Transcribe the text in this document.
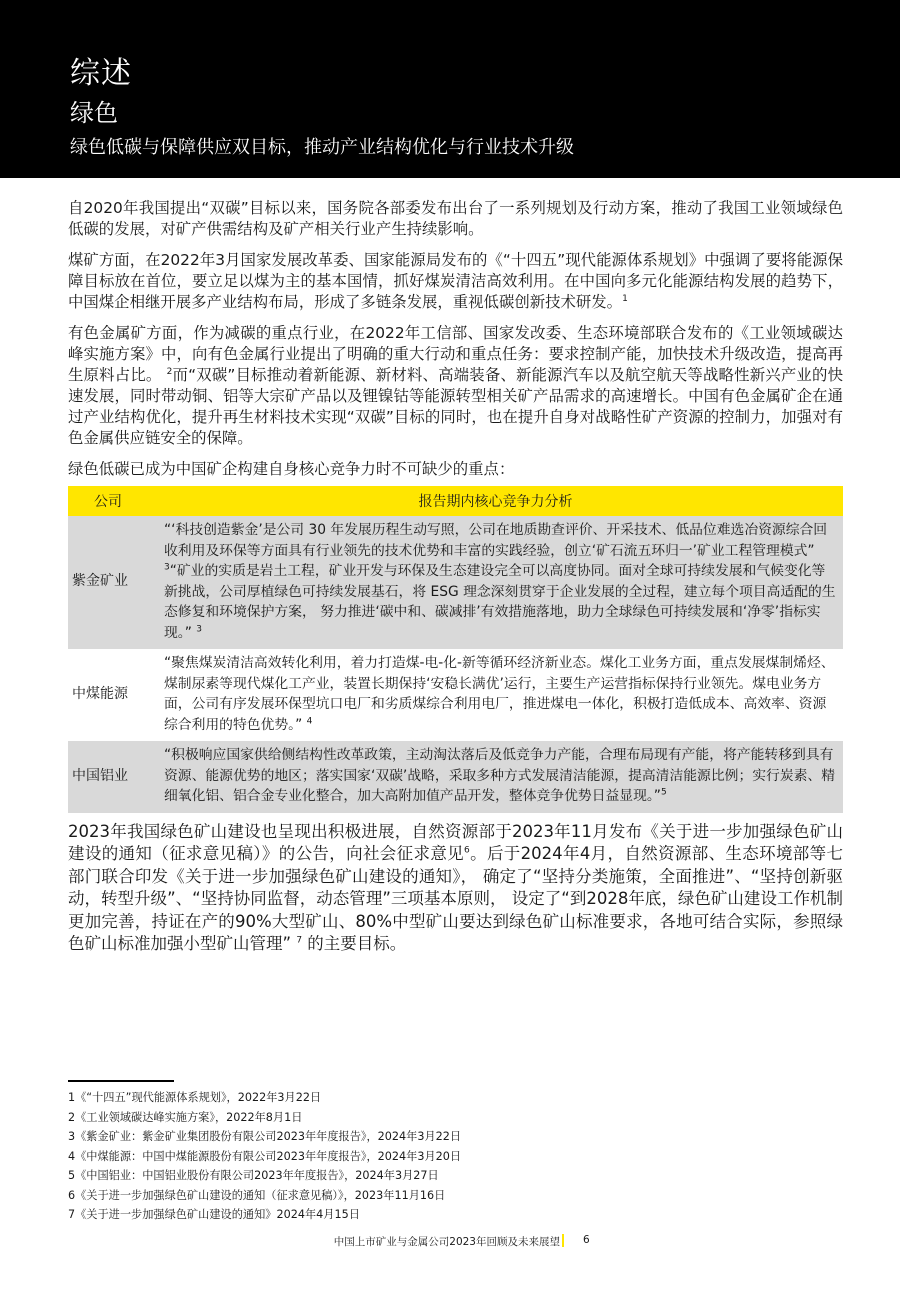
综述
绿色
绿色低碳与保障供应双目标，推动产业结构优化与行业技术升级

自2020年我国提出“双碳”目标以来，国务院各部委发布出台了一系列规划及行动方案，推动了我国工业领域绿色低碳的发展，对矿产供需结构及矿产相关行业产生持续影响。

煤矿方面，在2022年3月国家发展改革委、国家能源局发布的《“十四五”现代能源体系规划》中强调了要将能源保障目标放在首位，要立足以煤为主的基本国情，抓好煤炭清洁高效利用。在中国向多元化能源结构发展的趋势下，中国煤企相继开展多产业结构布局，形成了多链条发展，重视低碳创新技术研发。$^1$

有色金属矿方面，作为减碳的重点行业，在2022年工信部、国家发改委、生态环境部联合发布的《工业领域碳达峰实施方案》中，向有色金属行业提出了明确的重大行动和重点任务：要求控制产能，加快技术升级改造，提高再生原料占比。 $^2$而“双碳”目标推动着新能源、新材料、高端装备、新能源汽车以及航空航天等战略性新兴产业的快速发展，同时带动铜、铝等大宗矿产品以及锂镍钴等能源转型相关矿产品需求的高速增长。中国有色金属矿企在通过产业结构优化，提升再生材料技术实现“双碳”目标的同时，也在提升自身对战略性矿产资源的控制力，加强对有色金属供应链安全的保障。

绿色低碳已成为中国矿企构建自身核心竞争力时不可缺少的重点：

公司	报告期内核心竞争力分析
紫金矿业	“‘科技创造紫金’是公司 30 年发展历程生动写照，公司在地质勘查评价、开采技术、低品位难选冶资源综合回收利用及环保等方面具有行业领先的技术优势和丰富的实践经验，创立‘矿石流五环归一’矿业工程管理模式” $^3$“矿业的实质是岩土工程，矿业开发与环保及生态建设完全可以高度协同。面对全球可持续发展和气候变化等新挑战，公司厚植绿色可持续发展基石，将 ESG 理念深刻贯穿于企业发展的全过程，建立每个项目高适配的生态修复和环境保护方案， 努力推进‘碳中和、碳减排’有效措施落地，助力全球绿色可持续发展和‘净零’指标实现。” $^3$
中煤能源	“聚焦煤炭清洁高效转化利用，着力打造煤-电-化-新等循环经济新业态。煤化工业务方面，重点发展煤制烯烃、煤制尿素等现代煤化工产业，装置长期保持‘安稳长满优’运行，主要生产运营指标保持行业领先。煤电业务方面，公司有序发展环保型坑口电厂和劣质煤综合利用电厂，推进煤电一体化，积极打造低成本、高效率、资源综合利用的特色优势。” $^4$
中国铝业	“积极响应国家供给侧结构性改革政策，主动淘汰落后及低竞争力产能，合理布局现有产能，将产能转移到具有资源、能源优势的地区；落实国家‘双碳’战略，采取多种方式发展清洁能源，提高清洁能源比例；实行炭素、精细氧化铝、铝合金专业化整合，加大高附加值产品开发，整体竞争优势日益显现。”$^5$

2023年我国绿色矿山建设也呈现出积极进展，自然资源部于2023年11月发布《关于进一步加强绿色矿山建设的通知（征求意见稿）》的公告，向社会征求意见$^6$。后于2024年4月，自然资源部、生态环境部等七部门联合印发《关于进一步加强绿色矿山建设的通知》， 确定了“坚持分类施策，全面推进”、“坚持创新驱动，转型升级”、“坚持协同监督，动态管理”三项基本原则， 设定了“到2028年底，绿色矿山建设工作机制更加完善，持证在产的90%大型矿山、80%中型矿山要达到绿色矿山标准要求，各地可结合实际，参照绿色矿山标准加强小型矿山管理” $^7$ 的主要目标。

1《“十四五”现代能源体系规划》，2022年3月22日
2《工业领域碳达峰实施方案》，2022年8月1日
3《紫金矿业：紫金矿业集团股份有限公司2023年年度报告》，2024年3月22日
4《中煤能源：中国中煤能源股份有限公司2023年年度报告》，2024年3月20日
5《中国铝业：中国铝业股份有限公司2023年年度报告》，2024年3月27日
6《关于进一步加强绿色矿山建设的通知（征求意见稿）》，2023年11月16日
7《关于进一步加强绿色矿山建设的通知》2024年4月15日
中国上市矿业与金属公司2023年回顾及未来展望 6
